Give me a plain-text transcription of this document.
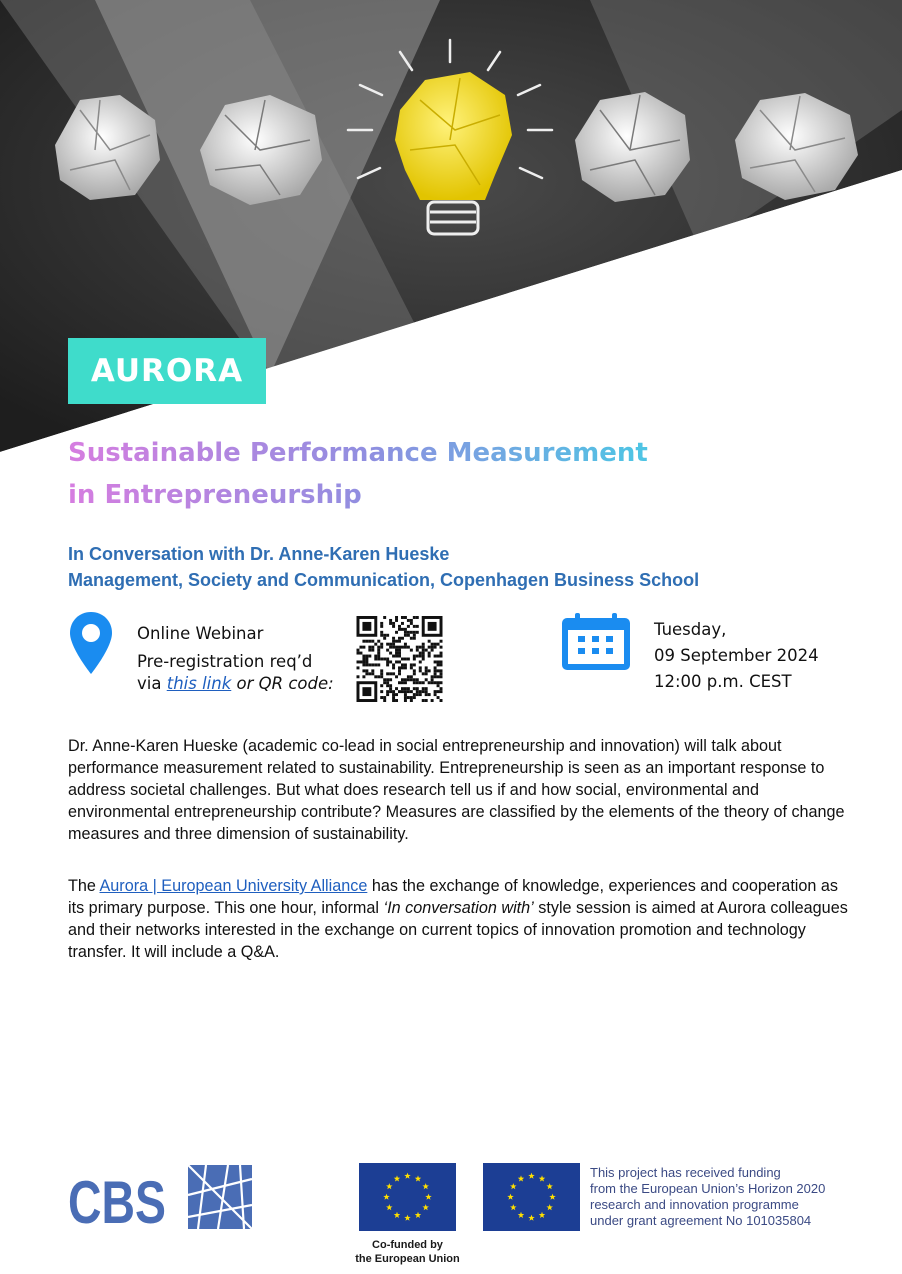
AURORA
Sustainable Performance Measurement
in Entrepreneurship
In Conversation with Dr. Anne-Karen Hueske
Management, Society and Communication, Copenhagen Business School
Online Webinar
Pre-registration req’d
via this link or QR code:
Tuesday,
09 September 2024
12:00 p.m. CEST
Dr. Anne-Karen Hueske (academic co-lead in social entrepreneurship and innovation) will talk about performance measurement related to sustainability. Entrepreneurship is seen as an important response to address societal challenges. But what does research tell us if and how social, environmental and environmental entrepreneurship contribute? Measures are classified by the elements of the theory of change measures and three dimension of sustainability.
The Aurora | European University Alliance has the exchange of knowledge, experiences and cooperation as its primary purpose. This one hour, informal ‘In conversation with’ style session is aimed at Aurora colleagues and their networks interested in the exchange on current topics of innovation promotion and technology transfer. It will include a Q&A.
CBS
Co-funded by
the European Union
This project has received funding
from the European Union’s Horizon 2020
research and innovation programme
under grant agreement No 101035804
